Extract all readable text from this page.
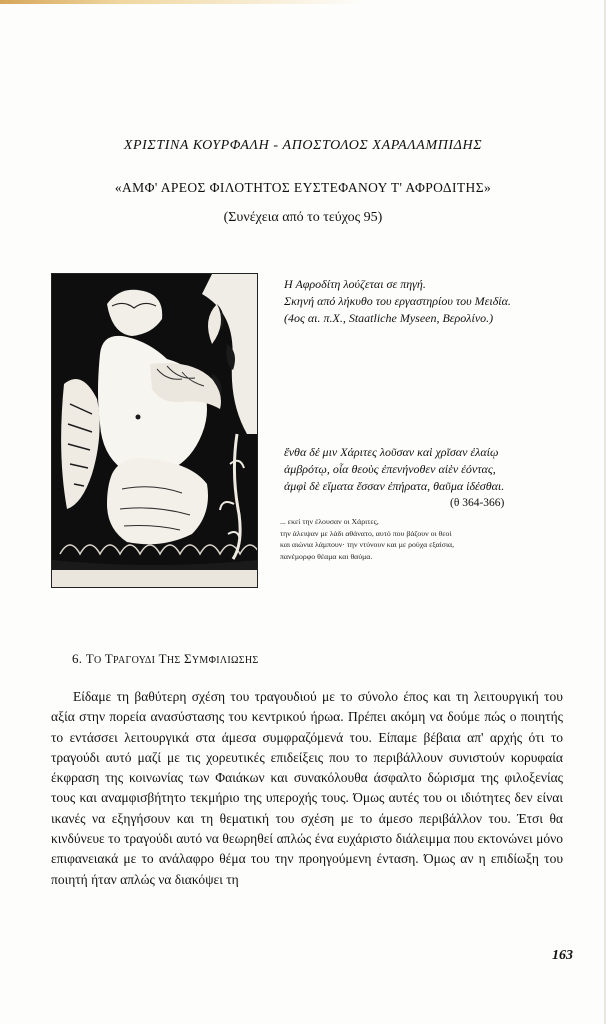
ΧΡΙΣΤΙΝΑ ΚΟΥΡΦΑΛΗ - ΑΠΟΣΤΟΛΟΣ ΧΑΡΑΛΑΜΠΙΔΗΣ
«ΑΜΦ' ΑΡΕΟΣ ΦΙΛΟΤΗΤΟΣ ΕΥΣΤΕΦΑΝΟΥ Τ' ΑΦΡΟΔΙΤΗΣ»
(Συνέχεια από το τεύχος 95)
Η Αφροδίτη λούζεται σε πηγή.
Σκηνή από λήκυθο του εργαστηρίου του Μειδία.
(4ος αι. π.Χ., Staatliche Myseen, Βερολίνο.)
ἔνθα δέ μιν Χάριτες λοῦσαν καὶ χρῖσαν ἐλαίῳ
ἀμβρότῳ, οἷα θεοὺς ἐπενήνοθεν αἰὲν ἐόντας,
ἀμφὶ δὲ εἵματα ἕσσαν ἐπήρατα, θαῦμα ἰδέσθαι.
(θ 364-366)
... εκεί την έλουσαν οι Χάριτες,
την άλειψαν με λάδι αθάνατο, αυτό που βάζουν οι θεοί
και αιώνια λάμπουν· την ντύνουν και με ρούχα εξαίσια,
πανέμορφο θέαμα και θαύμα.
6. ΤΟ ΤΡΑΓΟΥΔΙ ΤΗΣ ΣΥΜΦΙΛΙΩΣΗΣ
Είδαμε τη βαθύτερη σχέση του τραγουδιού με το σύνολο έπος και τη λειτουργική του αξία στην πορεία ανασύστασης του κεντρικού ήρωα. Πρέπει ακόμη να δούμε πώς ο ποιητής το εντάσσει λειτουργικά στα άμεσα συμφραζόμενά του. Είπαμε βέβαια απ' αρχής ότι το τραγούδι αυτό μαζί με τις χορευτικές επιδείξεις που το περιβάλλουν συνιστούν κορυφαία έκφραση της κοινωνίας των Φαιάκων και συνακόλουθα άσφαλτο δώρισμα της φιλοξενίας τους και αναμφισβήτητο τεκμήριο της υπεροχής τους. Όμως αυτές του οι ιδιότητες δεν είναι ικανές να εξηγήσουν και τη θεματική του σχέση με το άμεσο περιβάλλον του. Έτσι θα κινδύνευε το τραγούδι αυτό να θεωρηθεί απλώς ένα ευχάριστο διάλειμμα που εκτονώνει μόνο επιφανειακά με το ανάλαφρο θέμα του την προηγούμενη ένταση. Όμως αν η επιδίωξη του ποιητή ήταν απλώς να διακόψει τη
163
